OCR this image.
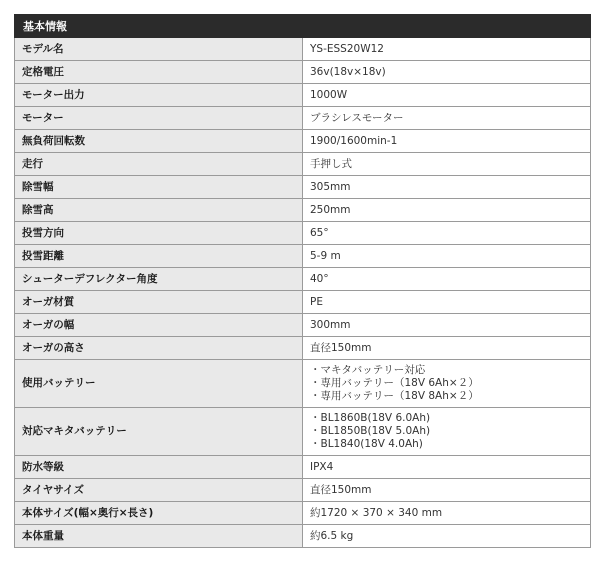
基本情報	
モデル名	YS-ESS20W12
定格電圧	36v(18v×18v)
モーター出力	1000W
モーター	ブラシレスモーター
無負荷回転数	1900/1600min-1
走行	手押し式
除雪幅	305mm
除雪高	250mm
投雪方向	65°
投雪距離	5-9 m
シューターデフレクター角度	40°
オーガ材質	PE
オーガの幅	300mm
オーガの高さ	直径150mm
使用バッテリー	・マキタバッテリー対応
・専用バッテリー（18V 6Ah×２）
・専用バッテリー（18V 8Ah×２）

対応マキタバッテリー	・BL1860B(18V 6.0Ah)
・BL1850B(18V 5.0Ah)
・BL1840(18V 4.0Ah)

防水等級	IPX4
タイヤサイズ	直径150mm
本体サイズ(幅×奥行×長さ)	約1720 × 370 × 340 mm
本体重量	約6.5 kg
